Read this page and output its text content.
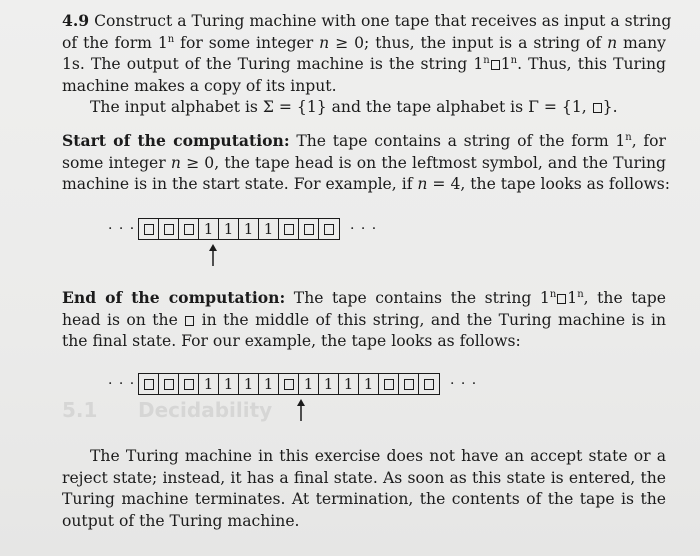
5.1 Decidability
4.9 Construct a Turing machine with one tape that receives as input a string
of the form 1$^n$ for some integer n ≥ 0; thus, the input is a string of n many
1s. The output of the Turing machine is the string 1$^n$ 1$^n$. Thus, this Turing
machine makes a copy of its input.
The input alphabet is Σ = {1} and the tape alphabet is Γ = {1, }.
Start of the computation: The tape contains a string of the form 1$^n$, for
some integer n ≥ 0, the tape head is on the leftmost symbol, and the Turing
machine is in the start state. For example, if n = 4, the tape looks as follows:
· · ·	1 1 1 1	· · ·
End of the computation: The tape contains the string 1$^n$ 1$^n$, the tape
head is on the  in the middle of this string, and the Turing machine is in
the final state. For our example, the tape looks as follows:
· · ·	1 1 1 1	1 1 1 1	· · ·
The Turing machine in this exercise does not have an accept state or a
reject state; instead, it has a final state. As soon as this state is entered, the
Turing machine terminates. At termination, the contents of the tape is the
output of the Turing machine.
